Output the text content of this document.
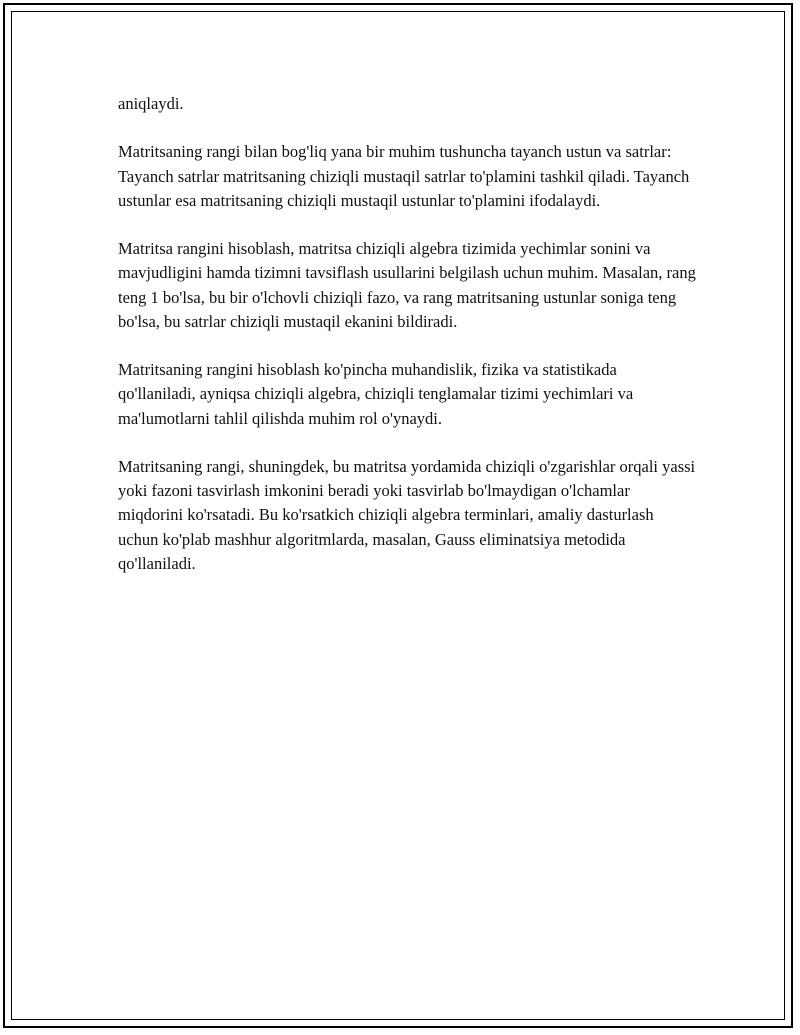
aniqlaydi.

Matritsaning rangi bilan bog'liq yana bir muhim tushuncha tayanch ustun va satrlar: Tayanch satrlar matritsaning chiziqli mustaqil satrlar to'plamini tashkil qiladi. Tayanch ustunlar esa matritsaning chiziqli mustaqil ustunlar to'plamini ifodalaydi.

Matritsa rangini hisoblash, matritsa chiziqli algebra tizimida yechimlar sonini va mavjudligini hamda tizimni tavsiflash usullarini belgilash uchun muhim. Masalan, rang teng 1 bo'lsa, bu bir o'lchovli chiziqli fazo, va rang matritsaning ustunlar soniga teng bo'lsa, bu satrlar chiziqli mustaqil ekanini bildiradi.

Matritsaning rangini hisoblash ko'pincha muhandislik, fizika va statistikada qo'llaniladi, ayniqsa chiziqli algebra, chiziqli tenglamalar tizimi yechimlari va ma'lumotlarni tahlil qilishda muhim rol o'ynaydi.

Matritsaning rangi, shuningdek, bu matritsa yordamida chiziqli o'zgarishlar orqali yassi yoki fazoni tasvirlash imkonini beradi yoki tasvirlab bo'lmaydigan o'lchamlar miqdorini ko'rsatadi. Bu ko'rsatkich chiziqli algebra terminlari, amaliy dasturlash uchun ko'plab mashhur algoritmlarda, masalan, Gauss eliminatsiya metodida qo'llaniladi.
